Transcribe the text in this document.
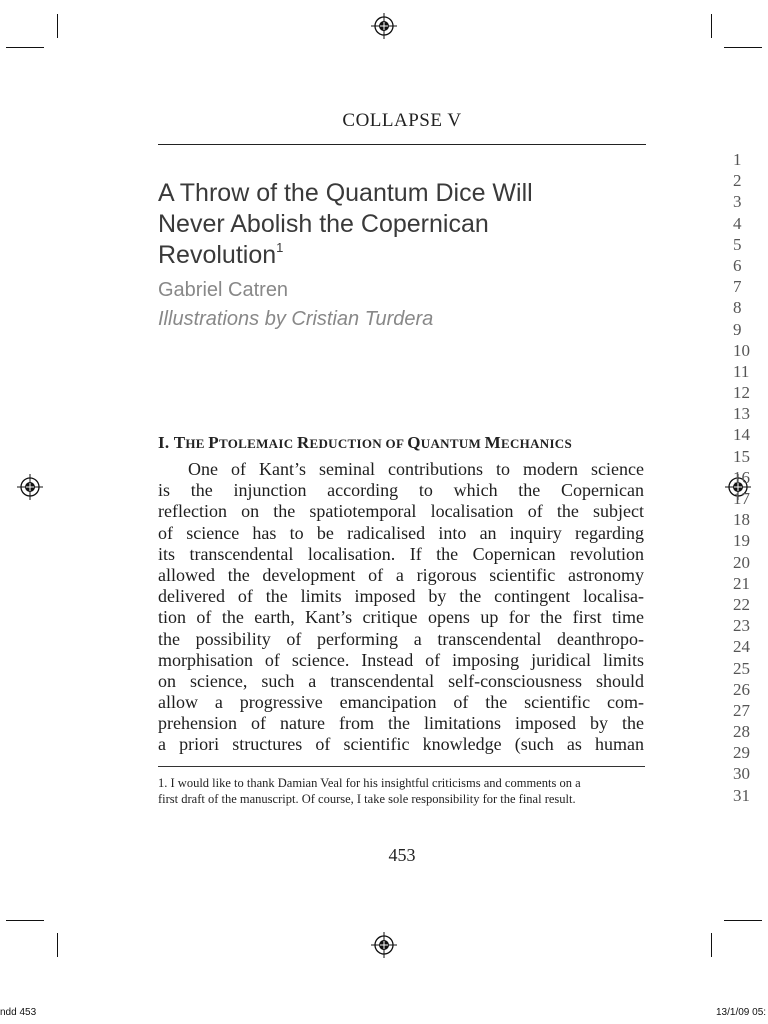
COLLAPSE V
A Throw of the Quantum Dice Will
Never Abolish the Copernican
Revolution$^1$
Gabriel Catren
Illustrations by Cristian Turdera
I. THE PTOLEMAIC REDUCTION OF QUANTUM MECHANICS
One of Kant’s seminal contributions to modern science
is the injunction according to which the Copernican
reflection on the spatiotemporal localisation of the subject
of science has to be radicalised into an inquiry regarding
its transcendental localisation. If the Copernican revolution
allowed the development of a rigorous scientific astronomy
delivered of the limits imposed by the contingent localisa-
tion of the earth, Kant’s critique opens up for the first time
the possibility of performing a transcendental deanthropo-
morphisation of science. Instead of imposing juridical limits
on science, such a transcendental self-consciousness should
allow a progressive emancipation of the scientific com-
prehension of nature from the limitations imposed by the
a priori structures of scientific knowledge (such as human
1. I would like to thank Damian Veal for his insightful criticisms and comments on a
first draft of the manuscript. Of course, I take sole responsibility for the final result.
453
1
2
3
4
5
6
7
8
9
10
11
12
13
14
15
16
17
18
19
20
21
22
23
24
25
26
27
28
29
30
31
ndd 453	13/1/09 05:
